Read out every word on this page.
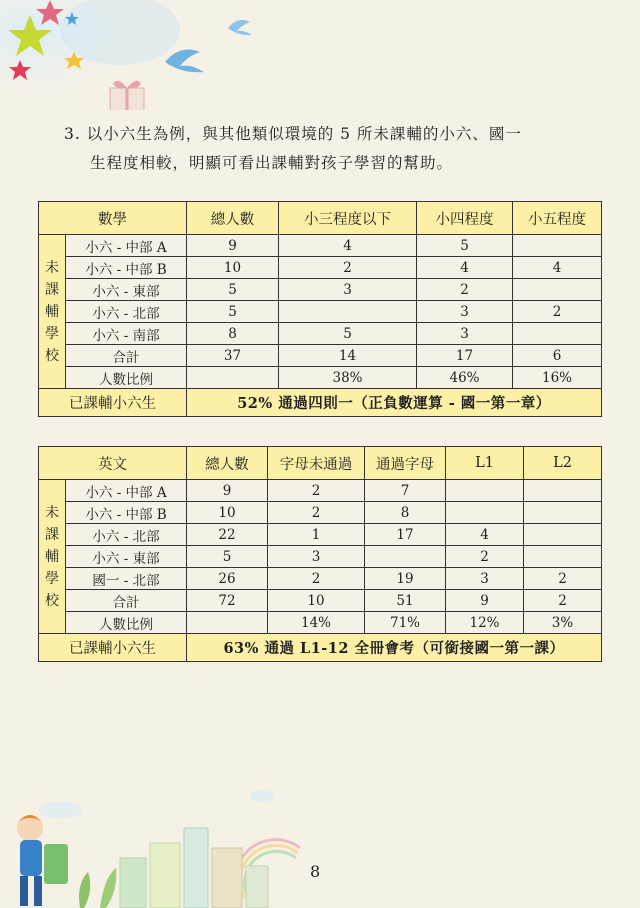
3. 以小六生為例，與其他類似環境的 5 所未課輔的小六、國一
生程度相較，明顯可看出課輔對孩子學習的幫助。
數學		總人數	小三程度以下	小四程度	小五程度

未
課
輔
學
校	小六 - 中部 A	9	4	5	
	小六 - 中部 B	10	2	4	4
	小六 - 東部	5	3	2	
	小六 - 北部	5		3	2
	小六 - 南部	8	5	3	
	合計	37	14	17	6
	人數比例		38%	46%	16%
已課輔小六生		52% 通過四則一（正負數運算 - 國一第一章）			
英文		總人數	字母未通過	通過字母	L1	L2

未
課
輔
學
校	小六 - 中部 A	9	2	7		
	小六 - 中部 B	10	2	8		
	小六 - 北部	22	1	17	4	
	小六 - 東部	5	3		2	
	國一 - 北部	26	2	19	3	2
	合計	72	10	51	9	2
	人數比例		14%	71%	12%	3%
已課輔小六生		63% 通過 L1-12 全冊會考（可銜接國一第一課）				
8
